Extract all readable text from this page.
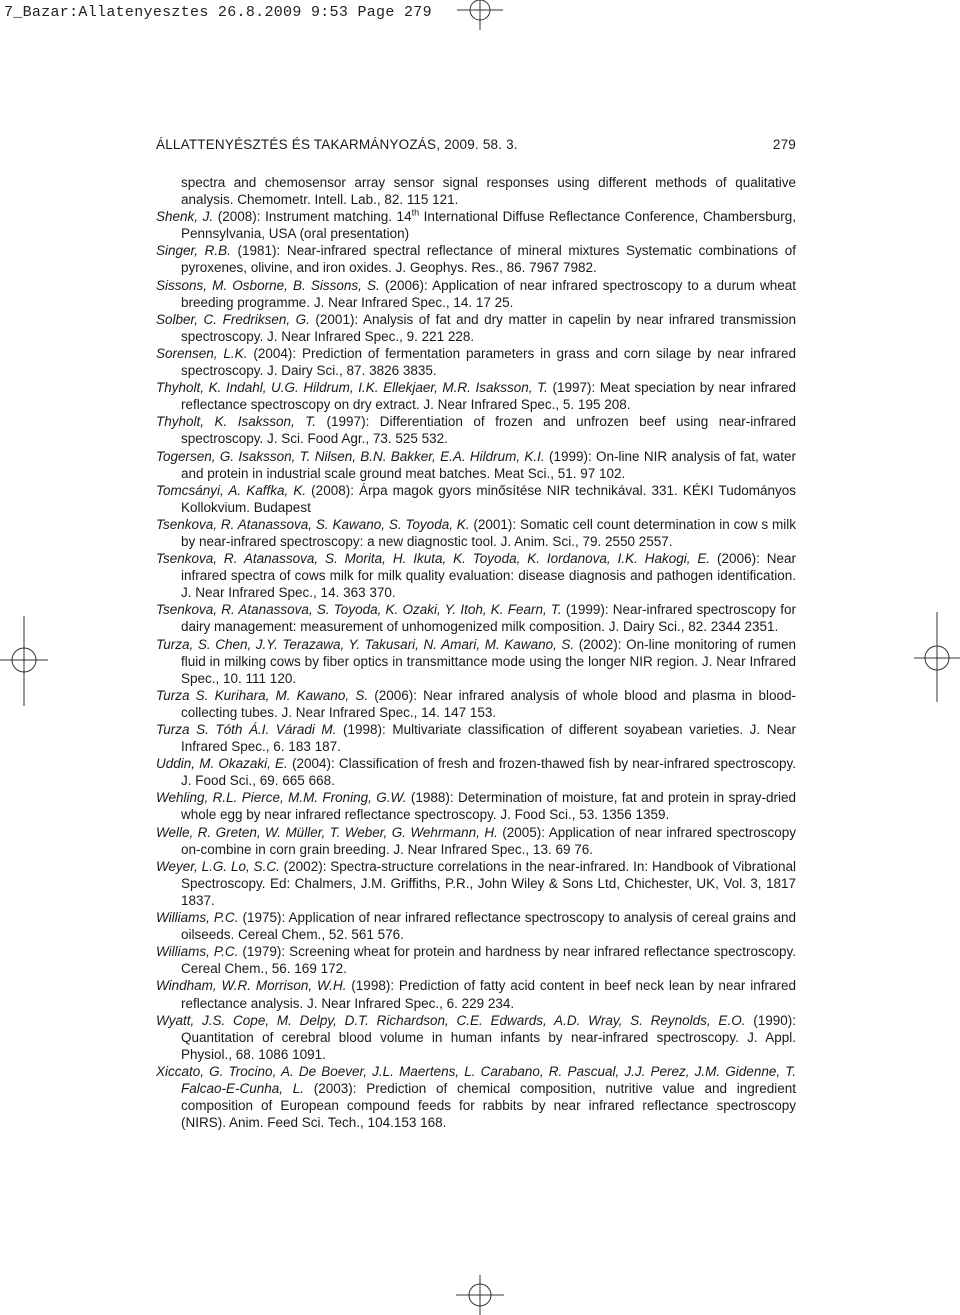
7_Bazar:Allatenyesztes 26.8.2009 9:53 Page 279
ÁLLATTENYÉSZTÉS ÉS TAKARMÁNYOZÁS, 2009. 58. 3.	279

spectra and chemosensor array sensor signal responses using different methods of qualitative analysis. Chemometr. Intell. Lab., 82. 115 121.

Shenk, J. (2008): Instrument matching. 14th International Diffuse Reflectance Conference, Chambersburg, Pennsylvania, USA (oral presentation)

Singer, R.B. (1981): Near-infrared spectral reflectance of mineral mixtures Systematic combinations of pyroxenes, olivine, and iron oxides. J. Geophys. Res., 86. 7967 7982.

Sissons, M. Osborne, B. Sissons, S. (2006): Application of near infrared spectroscopy to a durum wheat breeding programme. J. Near Infrared Spec., 14. 17 25.

Solber, C. Fredriksen, G. (2001): Analysis of fat and dry matter in capelin by near infrared transmission spectroscopy. J. Near Infrared Spec., 9. 221 228.

Sorensen, L.K. (2004): Prediction of fermentation parameters in grass and corn silage by near infrared spectroscopy. J. Dairy Sci., 87. 3826 3835.

Thyholt, K. Indahl, U.G. Hildrum, I.K. Ellekjaer, M.R. Isaksson, T. (1997): Meat speciation by near infrared reflectance spectroscopy on dry extract. J. Near Infrared Spec., 5. 195 208.

Thyholt, K. Isaksson, T. (1997): Differentiation of frozen and unfrozen beef using near-infrared spectroscopy. J. Sci. Food Agr., 73. 525 532.

Togersen, G. Isaksson, T. Nilsen, B.N. Bakker, E.A. Hildrum, K.I. (1999): On-line NIR analysis of fat, water and protein in industrial scale ground meat batches. Meat Sci., 51. 97 102.

Tomcsányi, A. Kaffka, K. (2008): Árpa magok gyors minősítése NIR technikával. 331. KÉKI Tudományos Kollokvium. Budapest

Tsenkova, R. Atanassova, S. Kawano, S. Toyoda, K. (2001): Somatic cell count determination in cow s milk by near-infrared spectroscopy: a new diagnostic tool. J. Anim. Sci., 79. 2550 2557.

Tsenkova, R. Atanassova, S. Morita, H. Ikuta, K. Toyoda, K. Iordanova, I.K. Hakogi, E. (2006): Near infrared spectra of cows milk for milk quality evaluation: disease diagnosis and pathogen identification. J. Near Infrared Spec., 14. 363 370.

Tsenkova, R. Atanassova, S. Toyoda, K. Ozaki, Y. Itoh, K. Fearn, T. (1999): Near-infrared spectroscopy for dairy management: measurement of unhomogenized milk composition. J. Dairy Sci., 82. 2344 2351.

Turza, S. Chen, J.Y. Terazawa, Y. Takusari, N. Amari, M. Kawano, S. (2002): On-line monitoring of rumen fluid in milking cows by fiber optics in transmittance mode using the longer NIR region. J. Near Infrared Spec., 10. 111 120.

Turza S. Kurihara, M. Kawano, S. (2006): Near infrared analysis of whole blood and plasma in blood-collecting tubes. J. Near Infrared Spec., 14. 147 153.

Turza S. Tóth Á.I. Váradi M. (1998): Multivariate classification of different soyabean varieties. J. Near Infrared Spec., 6. 183 187.

Uddin, M. Okazaki, E. (2004): Classification of fresh and frozen-thawed fish by near-infrared spectroscopy. J. Food Sci., 69. 665 668.

Wehling, R.L. Pierce, M.M. Froning, G.W. (1988): Determination of moisture, fat and protein in spray-dried whole egg by near infrared reflectance spectroscopy. J. Food Sci., 53. 1356 1359.

Welle, R. Greten, W. Müller, T. Weber, G. Wehrmann, H. (2005): Application of near infrared spectroscopy on-combine in corn grain breeding. J. Near Infrared Spec., 13. 69 76.

Weyer, L.G. Lo, S.C. (2002): Spectra-structure correlations in the near-infrared. In: Handbook of Vibrational Spectroscopy. Ed: Chalmers, J.M. Griffiths, P.R., John Wiley & Sons Ltd, Chichester, UK, Vol. 3, 1817 1837.

Williams, P.C. (1975): Application of near infrared reflectance spectroscopy to analysis of cereal grains and oilseeds. Cereal Chem., 52. 561 576.

Williams, P.C. (1979): Screening wheat for protein and hardness by near infrared reflectance spectroscopy. Cereal Chem., 56. 169 172.

Windham, W.R. Morrison, W.H. (1998): Prediction of fatty acid content in beef neck lean by near infrared reflectance analysis. J. Near Infrared Spec., 6. 229 234.

Wyatt, J.S. Cope, M. Delpy, D.T. Richardson, C.E. Edwards, A.D. Wray, S. Reynolds, E.O. (1990): Quantitation of cerebral blood volume in human infants by near-infrared spectroscopy. J. Appl. Physiol., 68. 1086 1091.

Xiccato, G. Trocino, A. De Boever, J.L. Maertens, L. Carabano, R. Pascual, J.J. Perez, J.M. Gidenne, T. Falcao-E-Cunha, L. (2003): Prediction of chemical composition, nutritive value and ingredient composition of European compound feeds for rabbits by near infrared reflectance spectroscopy (NIRS). Anim. Feed Sci. Tech., 104.153 168.
